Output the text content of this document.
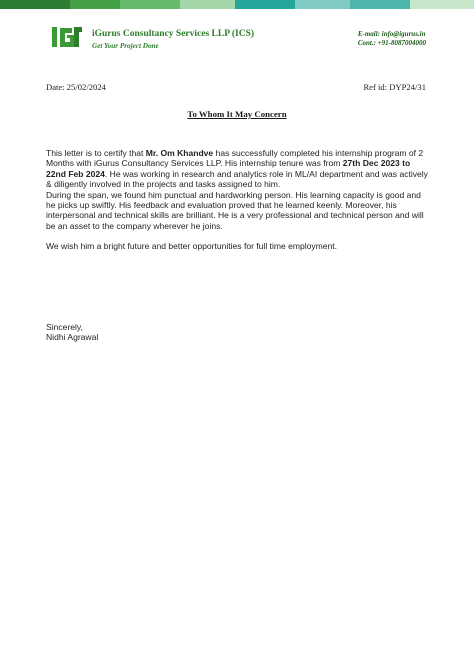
iGurus Consultancy Services LLP (ICS)
Get Your Project Done
E-mail: info@igurus.in
Cont.: +91-8087004000
Date: 25/02/2024	Ref id: DYP24/31
To Whom It May Concern

This letter is to certify that Mr. Om Khandve has successfully completed his internship program of 2 Months with iGurus Consultancy Services LLP. His internship tenure was from 27th Dec 2023 to 22nd Feb 2024. He was working in research and analytics role in ML/AI department and was actively & diligently involved in the projects and tasks assigned to him.

During the span, we found him punctual and hardworking person. His learning capacity is good and he picks up swiftly. His feedback and evaluation proved that he learned keenly. Moreover, his interpersonal and technical skills are brilliant. He is a very professional and technical person and will be an asset to the company wherever he joins.

We wish him a bright future and better opportunities for full time employment.

Sincerely,
Nidhi Agrawal
